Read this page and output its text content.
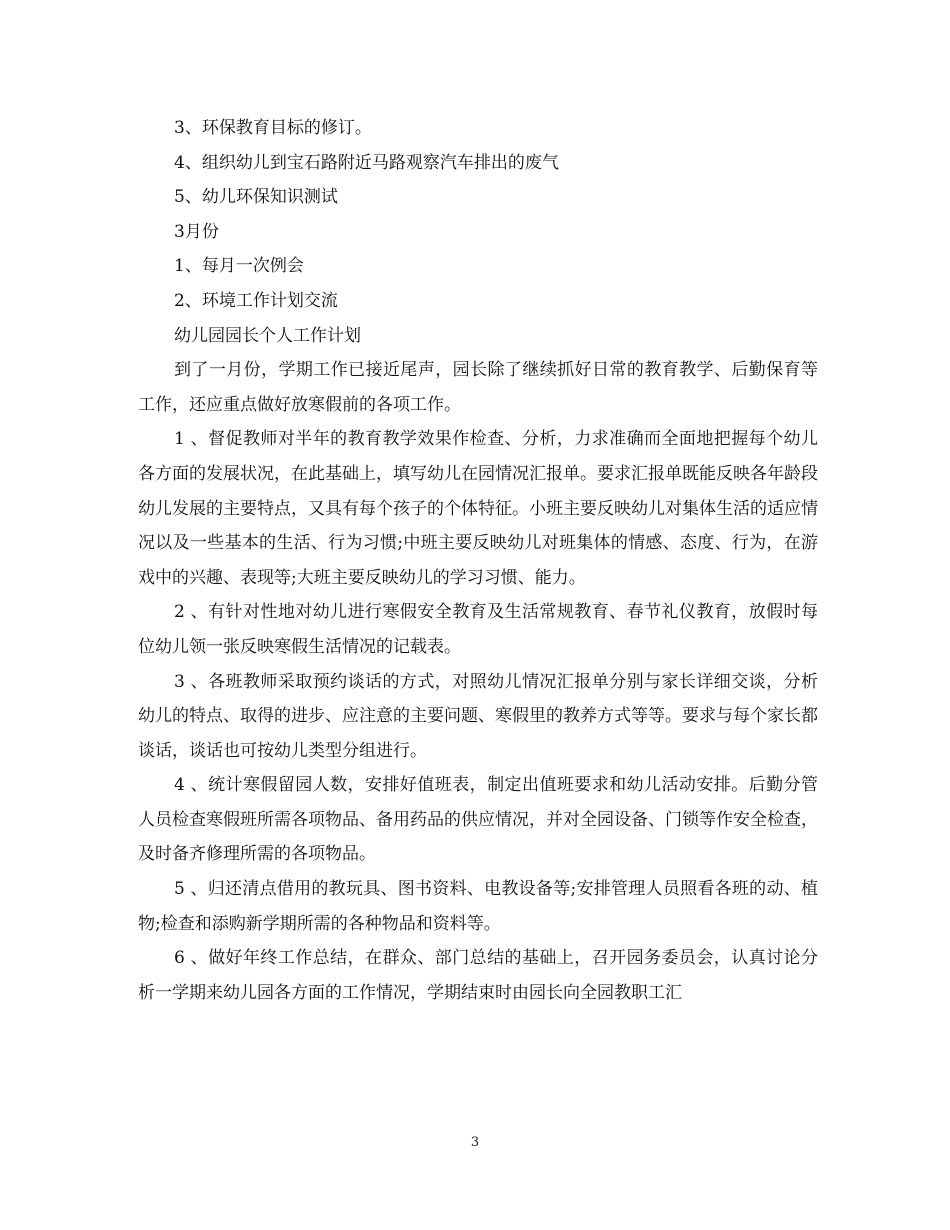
3、环保教育目标的修订。

4、组织幼儿到宝石路附近马路观察汽车排出的废气

5、幼儿环保知识测试

3月份

1、每月一次例会

2、环境工作计划交流

幼儿园园长个人工作计划

到了一月份，学期工作已接近尾声，园长除了继续抓好日常的教育教学、后勤保育等工作，还应重点做好放寒假前的各项工作。

1 、督促教师对半年的教育教学效果作检查、分析，力求准确而全面地把握每个幼儿各方面的发展状况，在此基础上，填写幼儿在园情况汇报单。要求汇报单既能反映各年龄段幼儿发展的主要特点，又具有每个孩子的个体特征。小班主要反映幼儿对集体生活的适应情况以及一些基本的生活、行为习惯;中班主要反映幼儿对班集体的情感、态度、行为，在游戏中的兴趣、表现等;大班主要反映幼儿的学习习惯、能力。

2 、有针对性地对幼儿进行寒假安全教育及生活常规教育、春节礼仪教育，放假时每位幼儿领一张反映寒假生活情况的记载表。

3 、各班教师采取预约谈话的方式，对照幼儿情况汇报单分别与家长详细交谈，分析幼儿的特点、取得的进步、应注意的主要问题、寒假里的教养方式等等。要求与每个家长都谈话，谈话也可按幼儿类型分组进行。

4 、统计寒假留园人数，安排好值班表，制定出值班要求和幼儿活动安排。后勤分管人员检查寒假班所需各项物品、备用药品的供应情况，并对全园设备、门锁等作安全检查，及时备齐修理所需的各项物品。

5 、归还清点借用的教玩具、图书资料、电教设备等;安排管理人员照看各班的动、植物;检查和添购新学期所需的各种物品和资料等。

6 、做好年终工作总结，在群众、部门总结的基础上，召开园务委员会，认真讨论分析一学期来幼儿园各方面的工作情况，学期结束时由园长向全园教职工汇

3
